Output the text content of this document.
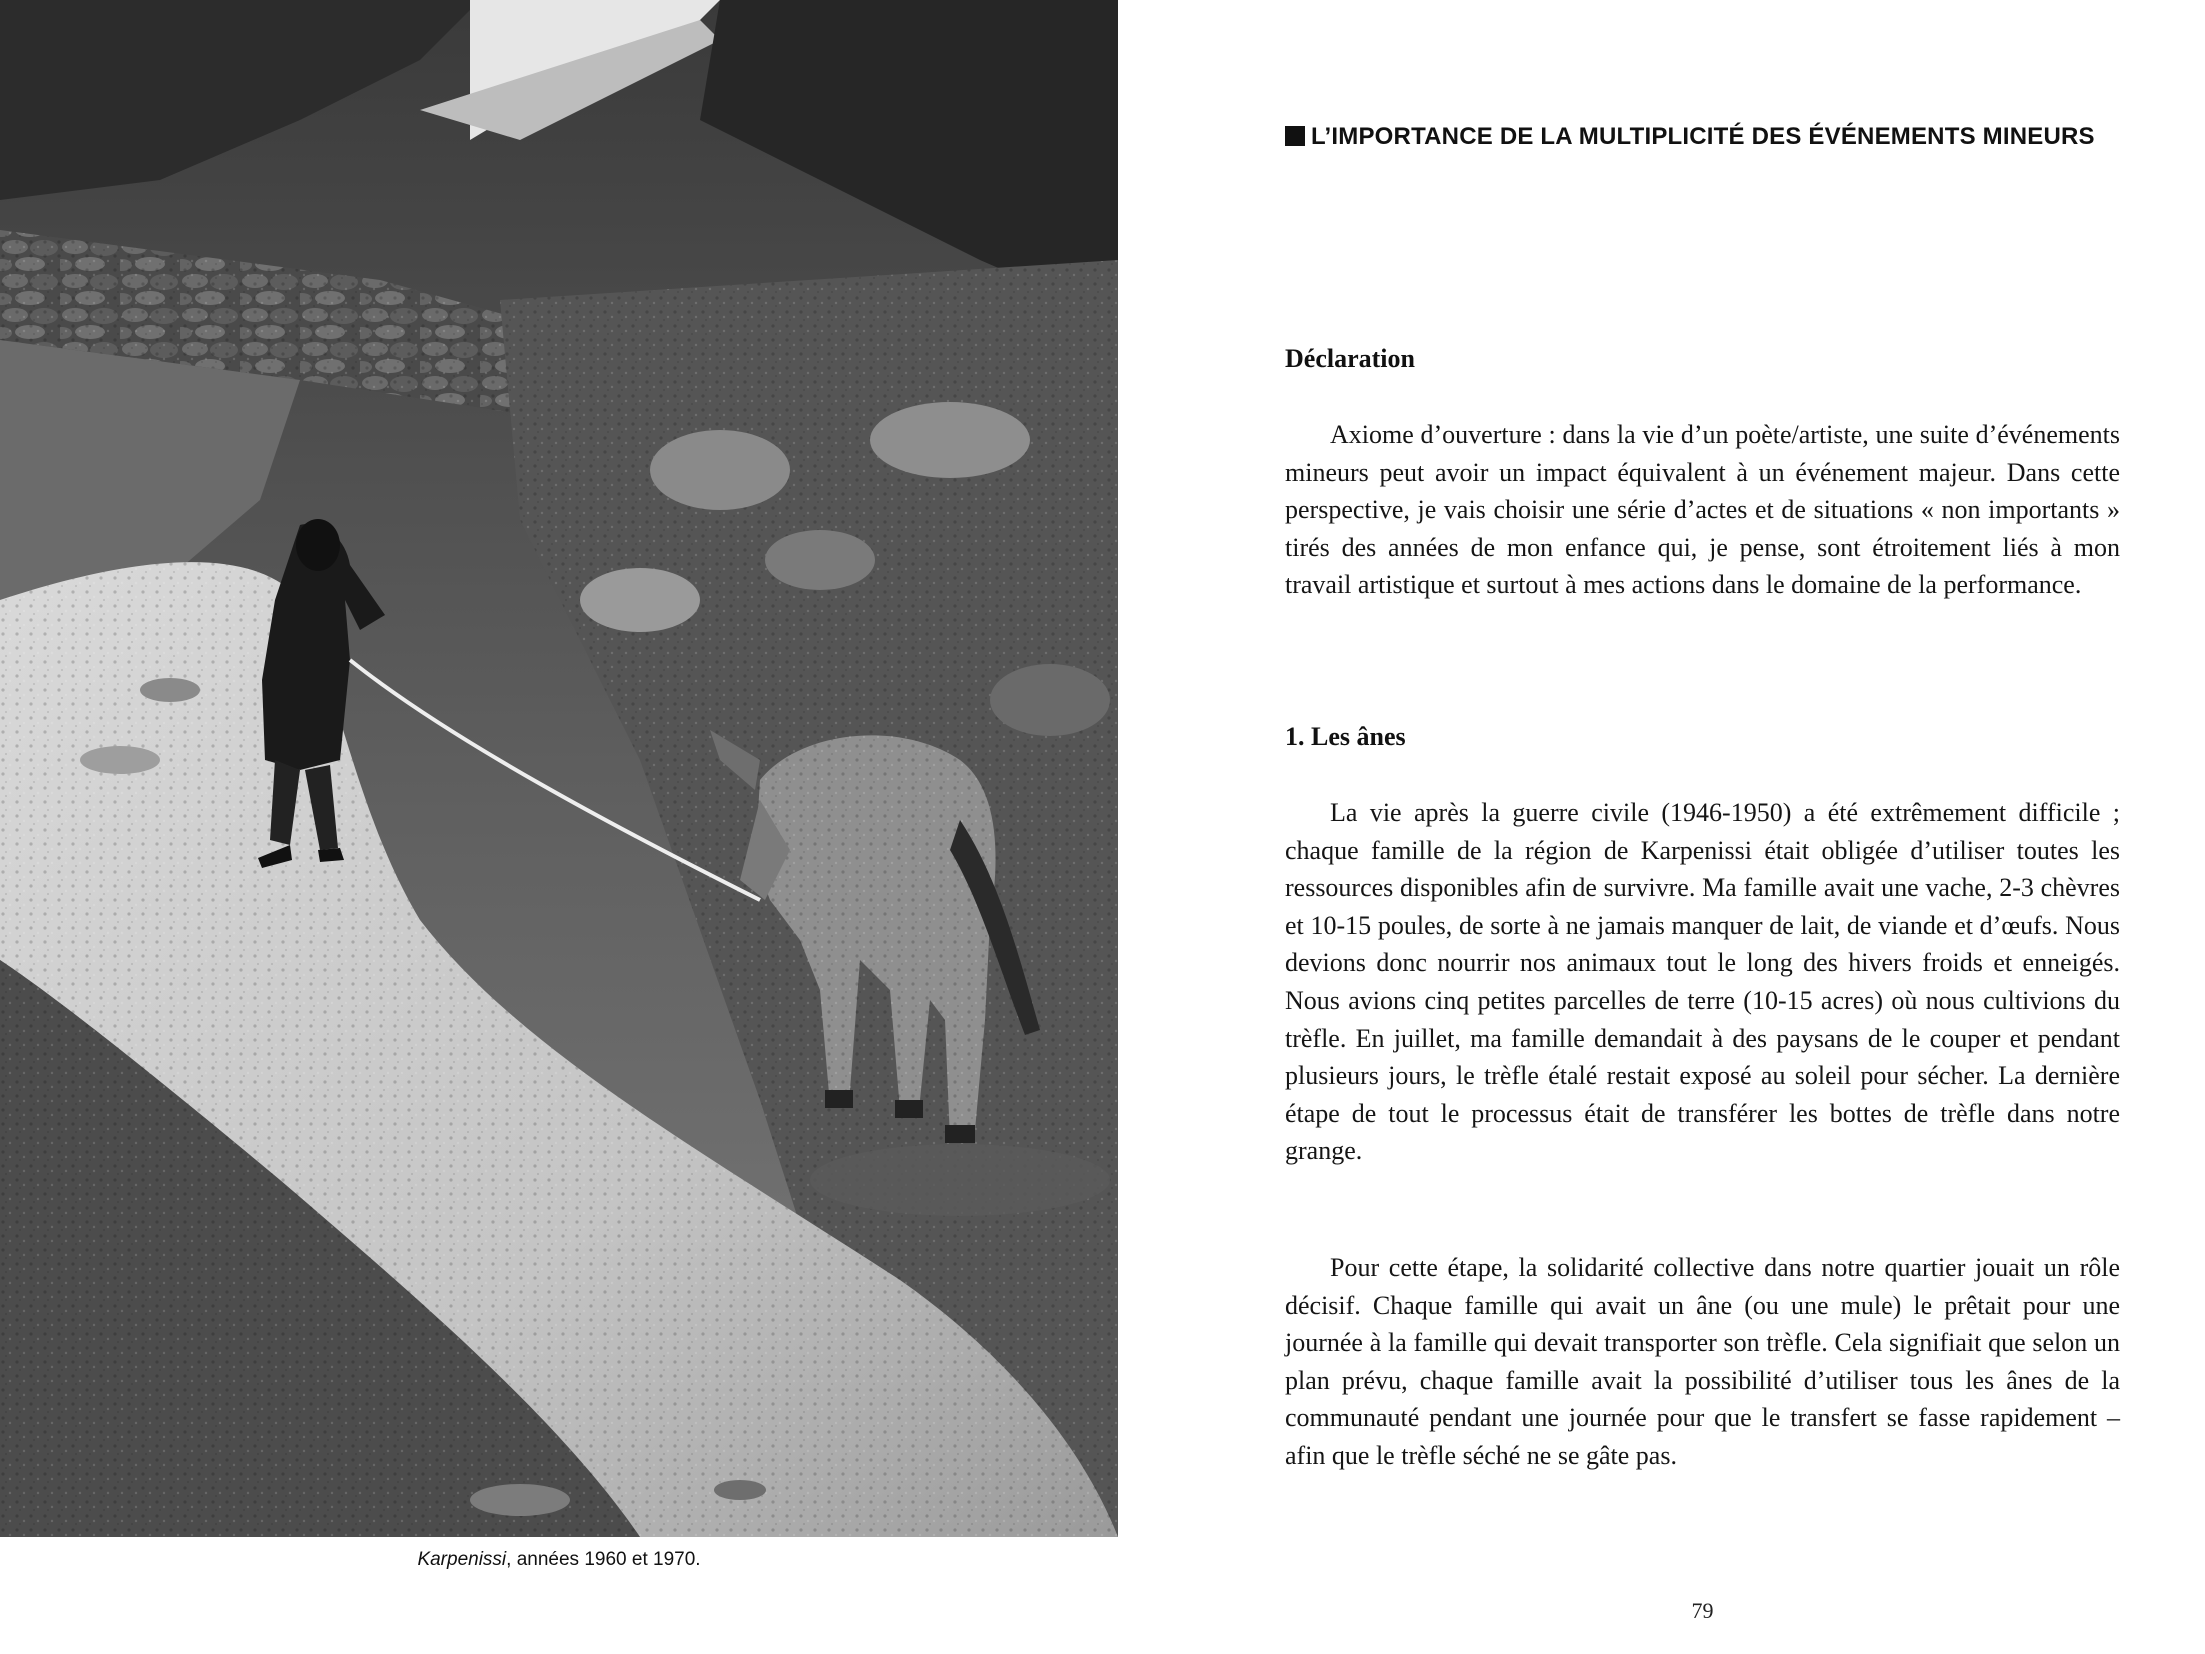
Karpenissi, années 1960 et 1970.
L’IMPORTANCE DE LA MULTIPLICITÉ DES ÉVÉNEMENTS MINEURS
Déclaration

Axiome d’ouverture : dans la vie d’un poète/artiste, une suite d’événements mineurs peut avoir un impact équivalent à un événement majeur. Dans cette perspective, je vais choisir une série d’actes et de situations « non importants » tirés des années de mon enfance qui, je pense, sont étroitement liés à mon travail artistique et surtout à mes actions dans le domaine de la performance.

1. Les ânes

La vie après la guerre civile (1946-1950) a été extrêmement difficile ; chaque famille de la région de Karpenissi était obligée d’utiliser toutes les ressources disponibles afin de survivre. Ma famille avait une vache, 2-3 chèvres et 10-15 poules, de sorte à ne jamais manquer de lait, de viande et d’œufs. Nous devions donc nourrir nos animaux tout le long des hivers froids et enneigés. Nous avions cinq petites parcelles de terre (10-15 acres) où nous cultivions du trèfle. En juillet, ma famille demandait à des paysans de le couper et pendant plusieurs jours, le trèfle étalé restait exposé au soleil pour sécher. La dernière étape de tout le processus était de transférer les bottes de trèfle dans notre grange.

Pour cette étape, la solidarité collective dans notre quartier jouait un rôle décisif. Chaque famille qui avait un âne (ou une mule) le prêtait pour une journée à la famille qui devait transporter son trèfle. Cela signifiait que selon un plan prévu, chaque famille avait la possibilité d’utiliser tous les ânes de la communauté pendant une journée pour que le transfert se fasse rapidement – afin que le trèfle séché ne se gâte pas.

79
